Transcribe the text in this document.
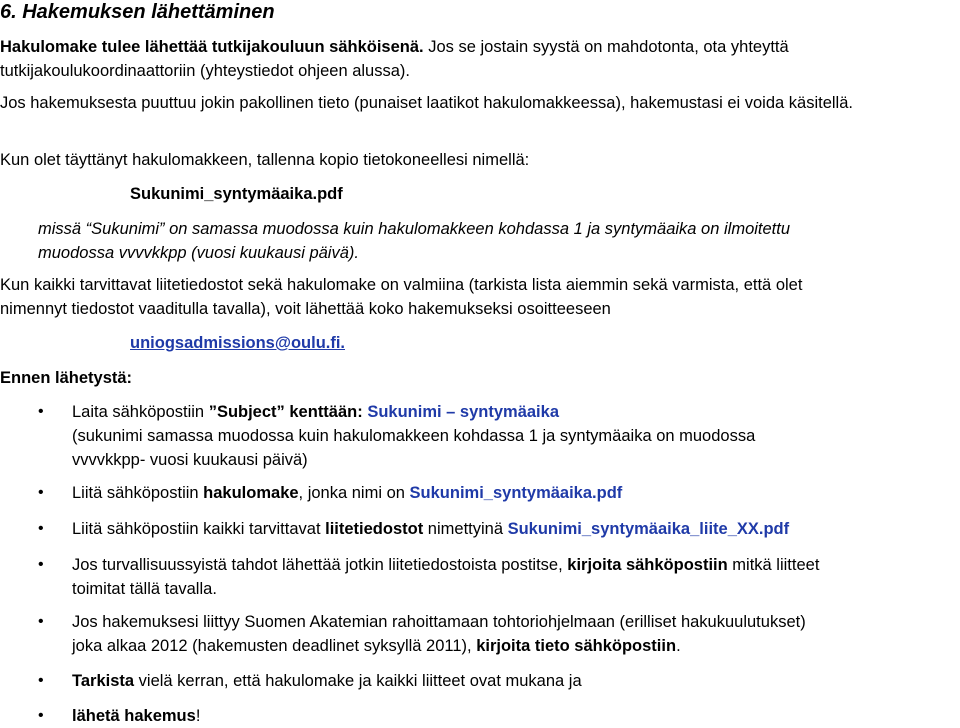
6. Hakemuksen lähettäminen

Hakulomake tulee lähettää tutkijakouluun sähköisenä. Jos se jostain syystä on mahdotonta, ota yhteyttä tutkijakoulukoordinaattoriin (yhteystiedot ohjeen alussa).

Jos hakemuksesta puuttuu jokin pakollinen tieto (punaiset laatikot hakulomakkeessa), hakemustasi ei voida käsitellä.

Kun olet täyttänyt hakulomakkeen, tallenna kopio tietokoneellesi nimellä:

Sukunimi_syntymäaika.pdf
missä “Sukunimi” on samassa muodossa kuin hakulomakkeen kohdassa 1 ja syntymäaika on ilmoitettu
muodossa vvvvkkpp (vuosi kuukausi päivä).
Kun kaikki tarvittavat liitetiedostot sekä hakulomake on valmiina (tarkista lista aiemmin sekä varmista, että olet
nimennyt tiedostot vaaditulla tavalla), voit lähettää koko hakemukseksi osoitteeseen
uniogsadmissions@oulu.fi.
Ennen lähetystä:
• Laita sähköpostiin ”Subject” kenttään: Sukunimi – syntymäaika
(sukunimi samassa muodossa kuin hakulomakkeen kohdassa 1 ja syntymäaika on muodossa
vvvvkkpp- vuosi kuukausi päivä)
• Liitä sähköpostiin hakulomake, jonka nimi on Sukunimi_syntymäaika.pdf
• Liitä sähköpostiin kaikki tarvittavat liitetiedostot nimettyinä Sukunimi_syntymäaika_liite_XX.pdf
• Jos turvallisuussyistä tahdot lähettää jotkin liitetiedostoista postitse, kirjoita sähköpostiin mitkä liitteet
toimitat tällä tavalla.
• Jos hakemuksesi liittyy Suomen Akatemian rahoittamaan tohtoriohjelmaan (erilliset hakukuulutukset)
joka alkaa 2012 (hakemusten deadlinet syksyllä 2011), kirjoita tieto sähköpostiin.
• Tarkista vielä kerran, että hakulomake ja kaikki liitteet ovat mukana ja
• lähetä hakemus!
